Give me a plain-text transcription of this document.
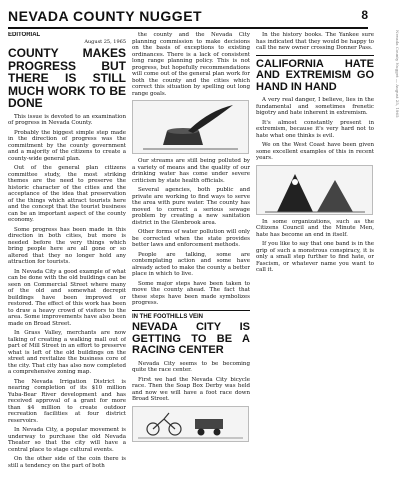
NEVADA COUNTY NUGGET	8
Nevada County Nugget — August 25, 1965
EDITORIAL
August 25, 1965
COUNTY MAKES PROGRESS BUT THERE IS STILL MUCH WORK TO BE DONE

This issue is devoted to an examination of progress in Nevada County.

Probably the biggest simple step made in the direction of progress was the commitment by the county government and a majority of the citizens to create a county-wide general plan.

Out of the general plan citizens committee study, the most striking themes are the need to preserve the historic character of the cities and the acceptance of the idea that preservation of the things which attract tourists here and the concept that the tourist business can be an important aspect of the county economy.

Some progress has been made in this direction in both cities, but more is needed before the very things which bring people here are all gone or so altered that they no longer hold any attraction for tourists.

In Nevada City a good example of what can be done with the old buildings can be seen on Commercial Street where many of the old and somewhat decrepit buildings have been improved or restored. The effect of this work has been to draw a heavy crowd of visitors to the area. Some improvements have also been made on Broad Street.

In Grass Valley, merchants are now talking of creating a walking mall out of part of Mill Street in an effort to preserve what is left of the old buildings on the street and revitalize the business core of the city. That city has also now completed a comprehensive zoning map.

The Nevada Irrigation District is nearing completion of its $10 million Yuba-Bear River development and has received approval of a grant for more than $4 million to create outdoor recreation facilities at four district reservoirs.

In Nevada City, a popular movement is underway to purchase the old Nevada Theater so that the city will have a central place to stage cultural events.

On the other side of the coin there is still a tendency on the part of both

the county and the Nevada City planning commission to make decisions on the basis of exceptions to existing ordinances. There is a lack of consistent long range planning policy. This is not progress, but hopefully recommendations will come out of the general plan work for both the county and the cities which correct this situation by spelling out long range goals.

Our streams are still being polluted by a variety of means and the quality of our drinking water has come under severe criticism by state health officials.

Several agencies, both public and private are working to find ways to serve the area with pure water. The county has moved to correct a serious sewage problem by creating a new sanitation district in the Glenbrook area.

Other forms of water pollution will only be corrected when the state provides better laws and enforcement methods.

People are talking, some are contemplating action and some have already acted to make the county a better place in which to live.

Some major steps have been taken to move the county ahead. The fact that these steps have been made symbolizes progress.

IN THE FOOTHILLS VEIN
NEVADA CITY IS GETTING TO BE A RACING CENTER

Nevada City seems to be becoming quite the race center.

First we had the Nevada City bicycle race. Then the Soap Box Derby was held and now we will have a foot race down Broad Street.

In the history books. The Yankee sure has indicated that they would be happy to call the new owner crossing Donner Pass.

CALIFORNIA HATE AND EXTREMISM GO HAND IN HAND

A very real danger, I believe, lies in the fundamental and sometimes frenetic bigotry and hate inherent in extremism.

It's almost constantly present in extremism, because it's very hard not to hate what one thinks is evil.

We on the West Coast have been given some excellent examples of this in recent years.

In some organizations, such as the Citizens Council and the Minute Men, hate has become an end in itself.

If you like to say that one band is in the grip of such a monstrous conspiracy, it is only a small step further to find hate, or Fascism, or whatever name you want to call it.
